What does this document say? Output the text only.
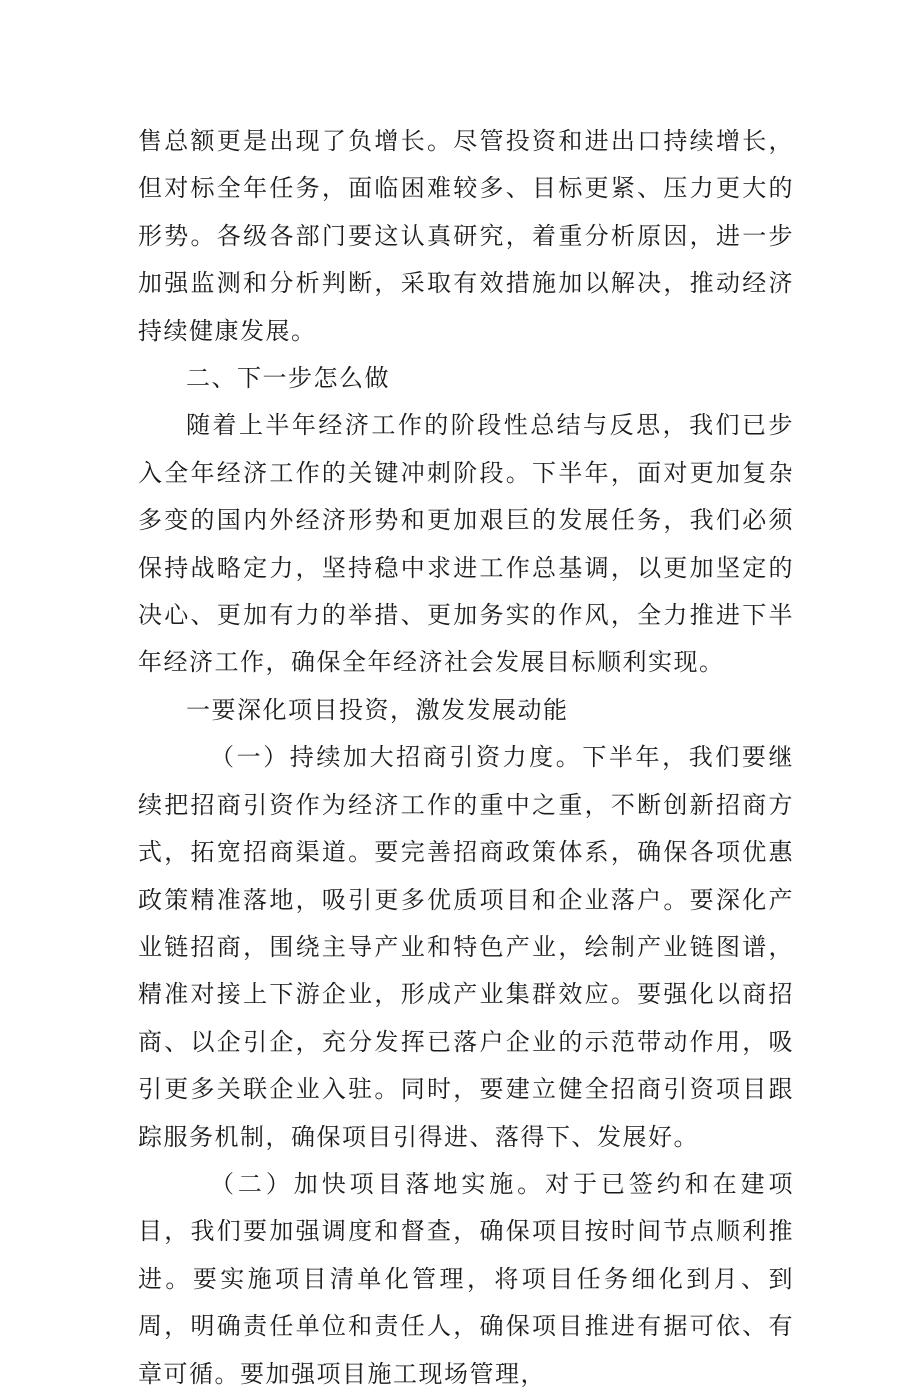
售总额更是出现了负增长。尽管投资和进出口持续增长，但对标全年任务，面临困难较多、目标更紧、压力更大的形势。各级各部门要这认真研究，着重分析原因，进一步加强监测和分析判断，采取有效措施加以解决，推动经济持续健康发展。

二、下一步怎么做

随着上半年经济工作的阶段性总结与反思，我们已步入全年经济工作的关键冲刺阶段。下半年，面对更加复杂多变的国内外经济形势和更加艰巨的发展任务，我们必须保持战略定力，坚持稳中求进工作总基调，以更加坚定的决心、更加有力的举措、更加务实的作风，全力推进下半年经济工作，确保全年经济社会发展目标顺利实现。

一要深化项目投资，激发发展动能

（一）持续加大招商引资力度。下半年，我们要继续把招商引资作为经济工作的重中之重，不断创新招商方式，拓宽招商渠道。要完善招商政策体系，确保各项优惠政策精准落地，吸引更多优质项目和企业落户。要深化产业链招商，围绕主导产业和特色产业，绘制产业链图谱，精准对接上下游企业，形成产业集群效应。要强化以商招商、以企引企，充分发挥已落户企业的示范带动作用，吸引更多关联企业入驻。同时，要建立健全招商引资项目跟踪服务机制，确保项目引得进、落得下、发展好。

（二）加快项目落地实施。对于已签约和在建项目，我们要加强调度和督查，确保项目按时间节点顺利推进。要实施项目清单化管理，将项目任务细化到月、到周，明确责任单位和责任人，确保项目推进有据可依、有章可循。要加强项目施工现场管理，
